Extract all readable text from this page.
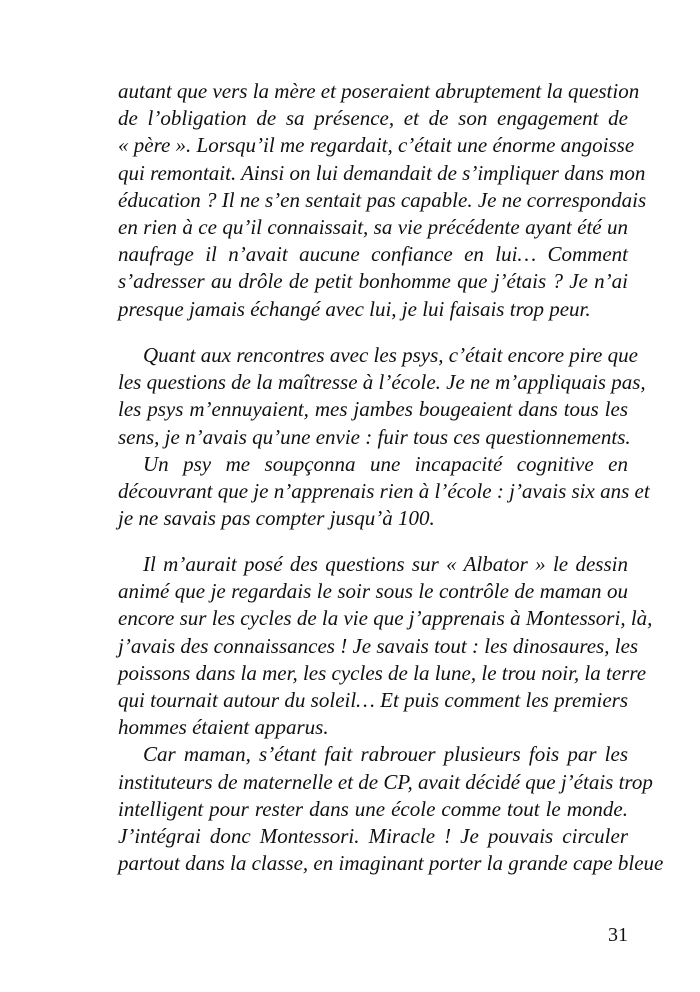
autant que vers la mère et poseraient abruptement la question
de l’obligation de sa présence, et de son engagement de
« père ». Lorsqu’il me regardait, c’était une énorme angoisse
qui remontait. Ainsi on lui demandait de s’impliquer dans mon
éducation ? Il ne s’en sentait pas capable. Je ne correspondais
en rien à ce qu’il connaissait, sa vie précédente ayant été un
naufrage il n’avait aucune confiance en lui… Comment
s’adresser au drôle de petit bonhomme que j’étais ? Je n’ai
presque jamais échangé avec lui, je lui faisais trop peur.
Quant aux rencontres avec les psys, c’était encore pire que
les questions de la maîtresse à l’école. Je ne m’appliquais pas,
les psys m’ennuyaient, mes jambes bougeaient dans tous les
sens, je n’avais qu’une envie : fuir tous ces questionnements.
Un psy me soupçonna une incapacité cognitive en
découvrant que je n’apprenais rien à l’école : j’avais six ans et
je ne savais pas compter jusqu’à 100.
Il m’aurait posé des questions sur « Albator » le dessin
animé que je regardais le soir sous le contrôle de maman ou
encore sur les cycles de la vie que j’apprenais à Montessori, là,
j’avais des connaissances ! Je savais tout : les dinosaures, les
poissons dans la mer, les cycles de la lune, le trou noir, la terre
qui tournait autour du soleil… Et puis comment les premiers
hommes étaient apparus.
Car maman, s’étant fait rabrouer plusieurs fois par les
instituteurs de maternelle et de CP, avait décidé que j’étais trop
intelligent pour rester dans une école comme tout le monde.
J’intégrai donc Montessori. Miracle ! Je pouvais circuler
partout dans la classe, en imaginant porter la grande cape bleue
31
